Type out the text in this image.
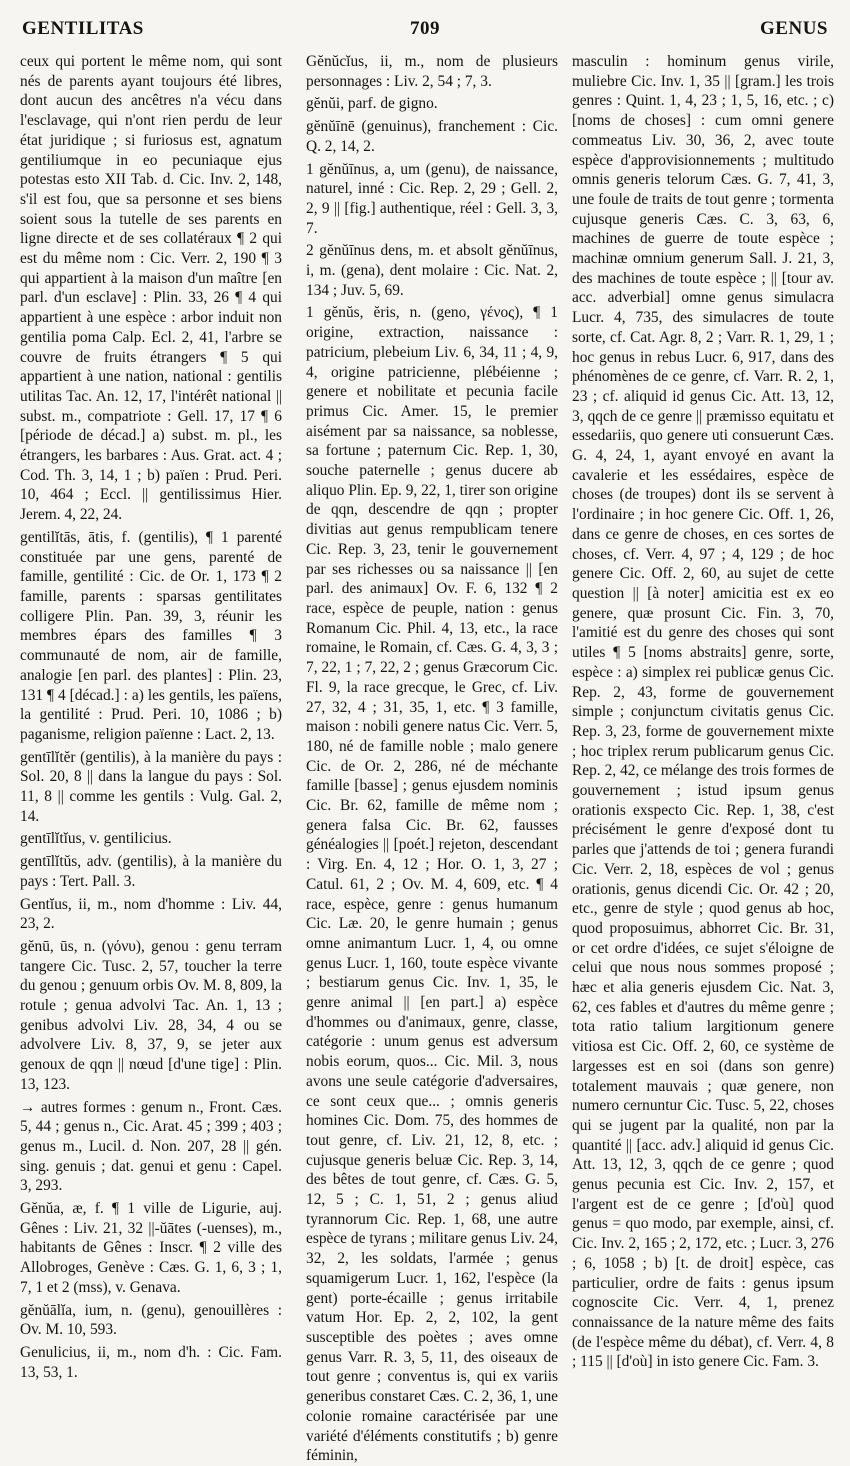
GENTILITAS	709	GENUS

ceux qui portent le même nom, qui sont nés de parents ayant toujours été libres, dont aucun des ancêtres n'a vécu dans l'esclavage, qui n'ont rien perdu de leur état juridique ; si furiosus est, agnatum gentiliumque in eo pecuniaque ejus potestas esto XII Tab. d. Cic. Inv. 2, 148, s'il est fou, que sa personne et ses biens soient sous la tutelle de ses parents en ligne directe et de ses collatéraux ¶ 2 qui est du même nom : Cic. Verr. 2, 190 ¶ 3 qui appartient à la maison d'un maître [en parl. d'un esclave] : Plin. 33, 26 ¶ 4 qui appartient à une espèce : arbor induit non gentilia poma Calp. Ecl. 2, 41, l'arbre se couvre de fruits étrangers ¶ 5 qui appartient à une nation, national : gentilis utilitas Tac. An. 12, 17, l'intérêt national || subst. m., compatriote : Gell. 17, 17 ¶ 6 [période de décad.] a) subst. m. pl., les étrangers, les barbares : Aus. Grat. act. 4 ; Cod. Th. 3, 14, 1 ; b) païen : Prud. Peri. 10, 464 ; Eccl. || gentilissimus Hier. Jerem. 4, 22, 24.

gentilĭtās, ātis, f. (gentilis), ¶ 1 parenté constituée par une gens, parenté de famille, gentilité : Cic. de Or. 1, 173 ¶ 2 famille, parents : sparsas gentilitates colligere Plin. Pan. 39, 3, réunir les membres épars des familles ¶ 3 communauté de nom, air de famille, analogie [en parl. des plantes] : Plin. 23, 131 ¶ 4 [décad.] : a) les gentils, les païens, la gentilité : Prud. Peri. 10, 1086 ; b) paganisme, religion païenne : Lact. 2, 13.

gentīlĭtĕr (gentilis), à la manière du pays : Sol. 20, 8 || dans la langue du pays : Sol. 11, 8 || comme les gentils : Vulg. Gal. 2, 14.

gentīlĭtĭus, v. gentilicius.

gentīlĭtŭs, adv. (gentilis), à la manière du pays : Tert. Pall. 3.

Gentĭus, ii, m., nom d'homme : Liv. 44, 23, 2.

gĕnū, ūs, n. (γόνυ), genou : genu terram tangere Cic. Tusc. 2, 57, toucher la terre du genou ; genuum orbis Ov. M. 8, 809, la rotule ; genua advolvi Tac. An. 1, 13 ; genibus advolvi Liv. 28, 34, 4 ou se advolvere Liv. 8, 37, 9, se jeter aux genoux de qqn || nœud [d'une tige] : Plin. 13, 123.

→ autres formes : genum n., Front. Cæs. 5, 44 ; genus n., Cic. Arat. 45 ; 399 ; 403 ; genus m., Lucil. d. Non. 207, 28 || gén. sing. genuis ; dat. genui et genu : Capel. 3, 293.

Gĕnŭa, æ, f. ¶ 1 ville de Ligurie, auj. Gênes : Liv. 21, 32 ||-ŭātes (-uenses), m., habitants de Gênes : Inscr. ¶ 2 ville des Allobroges, Genève : Cæs. G. 1, 6, 3 ; 1, 7, 1 et 2 (mss), v. Genava.

gĕnŭālĭa, ium, n. (genu), genouillères : Ov. M. 10, 593.

Genulicius, ii, m., nom d'h. : Cic. Fam. 13, 53, 1.

Gĕnŭcĭus, ii, m., nom de plusieurs personnages : Liv. 2, 54 ; 7, 3.

gĕnŭi, parf. de gigno.

gĕnŭīnē (genuinus), franchement : Cic. Q. 2, 14, 2.

1 gĕnŭīnus, a, um (genu), de naissance, naturel, inné : Cic. Rep. 2, 29 ; Gell. 2, 2, 9 || [fig.] authentique, réel : Gell. 3, 3, 7.

2 gĕnŭīnus dens, m. et absolt gĕnŭīnus, i, m. (gena), dent molaire : Cic. Nat. 2, 134 ; Juv. 5, 69.

1 gĕnŭs, ĕris, n. (geno, γένος), ¶ 1 origine, extraction, naissance : patricium, plebeium Liv. 6, 34, 11 ; 4, 9, 4, origine patricienne, plébéienne ; genere et nobilitate et pecunia facile primus Cic. Amer. 15, le premier aisément par sa naissance, sa noblesse, sa fortune ; paternum Cic. Rep. 1, 30, souche paternelle ; genus ducere ab aliquo Plin. Ep. 9, 22, 1, tirer son origine de qqn, descendre de qqn ; propter divitias aut genus rempublicam tenere Cic. Rep. 3, 23, tenir le gouvernement par ses richesses ou sa naissance || [en parl. des animaux] Ov. F. 6, 132 ¶ 2 race, espèce de peuple, nation : genus Romanum Cic. Phil. 4, 13, etc., la race romaine, le Romain, cf. Cæs. G. 4, 3, 3 ; 7, 22, 1 ; 7, 22, 2 ; genus Græcorum Cic. Fl. 9, la race grecque, le Grec, cf. Liv. 27, 32, 4 ; 31, 35, 1, etc. ¶ 3 famille, maison : nobili genere natus Cic. Verr. 5, 180, né de famille noble ; malo genere Cic. de Or. 2, 286, né de méchante famille [basse] ; genus ejusdem nominis Cic. Br. 62, famille de même nom ; genera falsa Cic. Br. 62, fausses généalogies || [poét.] rejeton, descendant : Virg. En. 4, 12 ; Hor. O. 1, 3, 27 ; Catul. 61, 2 ; Ov. M. 4, 609, etc. ¶ 4 race, espèce, genre : genus humanum Cic. Læ. 20, le genre humain ; genus omne animantum Lucr. 1, 4, ou omne genus Lucr. 1, 160, toute espèce vivante ; bestiarum genus Cic. Inv. 1, 35, le genre animal || [en part.] a) espèce d'hommes ou d'animaux, genre, classe, catégorie : unum genus est adversum nobis eorum, quos... Cic. Mil. 3, nous avons une seule catégorie d'adversaires, ce sont ceux que... ; omnis generis homines Cic. Dom. 75, des hommes de tout genre, cf. Liv. 21, 12, 8, etc. ; cujusque generis beluæ Cic. Rep. 3, 14, des bêtes de tout genre, cf. Cæs. G. 5, 12, 5 ; C. 1, 51, 2 ; genus aliud tyrannorum Cic. Rep. 1, 68, une autre espèce de tyrans ; militare genus Liv. 24, 32, 2, les soldats, l'armée ; genus squamigerum Lucr. 1, 162, l'espèce (la gent) porte-écaille ; genus irritabile vatum Hor. Ep. 2, 2, 102, la gent susceptible des poètes ; aves omne genus Varr. R. 3, 5, 11, des oiseaux de tout genre ; conventus is, qui ex variis generibus constaret Cæs. C. 2, 36, 1, une colonie romaine caractérisée par une variété d'éléments constitutifs ; b) genre féminin,

masculin : hominum genus virile, muliebre Cic. Inv. 1, 35 || [gram.] les trois genres : Quint. 1, 4, 23 ; 1, 5, 16, etc. ; c) [noms de choses] : cum omni genere commeatus Liv. 30, 36, 2, avec toute espèce d'approvisionnements ; multitudo omnis generis telorum Cæs. G. 7, 41, 3, une foule de traits de tout genre ; tormenta cujusque generis Cæs. C. 3, 63, 6, machines de guerre de toute espèce ; machinæ omnium generum Sall. J. 21, 3, des machines de toute espèce ; || [tour av. acc. adverbial] omne genus simulacra Lucr. 4, 735, des simulacres de toute sorte, cf. Cat. Agr. 8, 2 ; Varr. R. 1, 29, 1 ; hoc genus in rebus Lucr. 6, 917, dans des phénomènes de ce genre, cf. Varr. R. 2, 1, 23 ; cf. aliquid id genus Cic. Att. 13, 12, 3, qqch de ce genre || præmisso equitatu et essedariis, quo genere uti consuerunt Cæs. G. 4, 24, 1, ayant envoyé en avant la cavalerie et les essédaires, espèce de choses (de troupes) dont ils se servent à l'ordinaire ; in hoc genere Cic. Off. 1, 26, dans ce genre de choses, en ces sortes de choses, cf. Verr. 4, 97 ; 4, 129 ; de hoc genere Cic. Off. 2, 60, au sujet de cette question || [à noter] amicitia est ex eo genere, quæ prosunt Cic. Fin. 3, 70, l'amitié est du genre des choses qui sont utiles ¶ 5 [noms abstraits] genre, sorte, espèce : a) simplex rei publicæ genus Cic. Rep. 2, 43, forme de gouvernement simple ; conjunctum civitatis genus Cic. Rep. 3, 23, forme de gouvernement mixte ; hoc triplex rerum publicarum genus Cic. Rep. 2, 42, ce mélange des trois formes de gouvernement ; istud ipsum genus orationis exspecto Cic. Rep. 1, 38, c'est précisément le genre d'exposé dont tu parles que j'attends de toi ; genera furandi Cic. Verr. 2, 18, espèces de vol ; genus orationis, genus dicendi Cic. Or. 42 ; 20, etc., genre de style ; quod genus ab hoc, quod proposuimus, abhorret Cic. Br. 31, or cet ordre d'idées, ce sujet s'éloigne de celui que nous nous sommes proposé ; hæc et alia generis ejusdem Cic. Nat. 3, 62, ces fables et d'autres du même genre ; tota ratio talium largitionum genere vitiosa est Cic. Off. 2, 60, ce système de largesses est en soi (dans son genre) totalement mauvais ; quæ genere, non numero cernuntur Cic. Tusc. 5, 22, choses qui se jugent par la qualité, non par la quantité || [acc. adv.] aliquid id genus Cic. Att. 13, 12, 3, qqch de ce genre ; quod genus pecunia est Cic. Inv. 2, 157, et l'argent est de ce genre ; [d'où] quod genus = quo modo, par exemple, ainsi, cf. Cic. Inv. 2, 165 ; 2, 172, etc. ; Lucr. 3, 276 ; 6, 1058 ; b) [t. de droit] espèce, cas particulier, ordre de faits : genus ipsum cognoscite Cic. Verr. 4, 1, prenez connaissance de la nature même des faits (de l'espèce même du débat), cf. Verr. 4, 8 ; 115 || [d'où] in isto genere Cic. Fam. 3.
